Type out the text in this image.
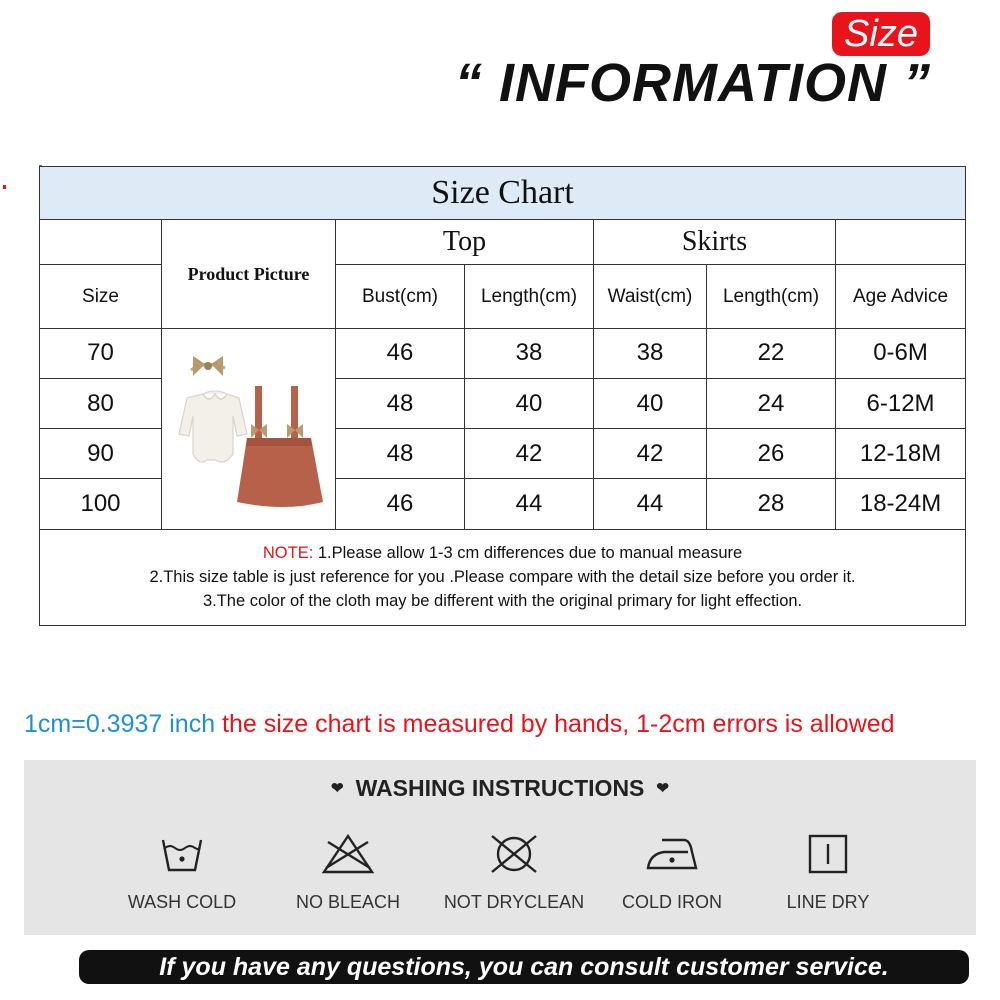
Size
“ INFORMATION ”
Size Chart						

	Product Picture	Top		Skirts		
Size		Bust(cm)	Length(cm)	Waist(cm)	Length(cm)	Age Advice
70		46	38	38	22	0-6M
80		48	40	40	24	6-12M
90		48	42	42	26	12-18M
100		46	44	44	28	18-24M
NOTE: 1.Please allow 1-3 cm differences due to manual measure
2.This size table is just reference for you .Please compare with the detail size before you order it.
3.The color of the cloth may be different with the original primary for light effection.						
1cm=0.3937 inch the size chart is measured by hands, 1-2cm errors is allowed
❤ WASHING INSTRUCTIONS ❤
WASH COLD	NO BLEACH	NOT DRYCLEAN	COLD IRON	LINE DRY
If you have any questions, you can consult customer service.
